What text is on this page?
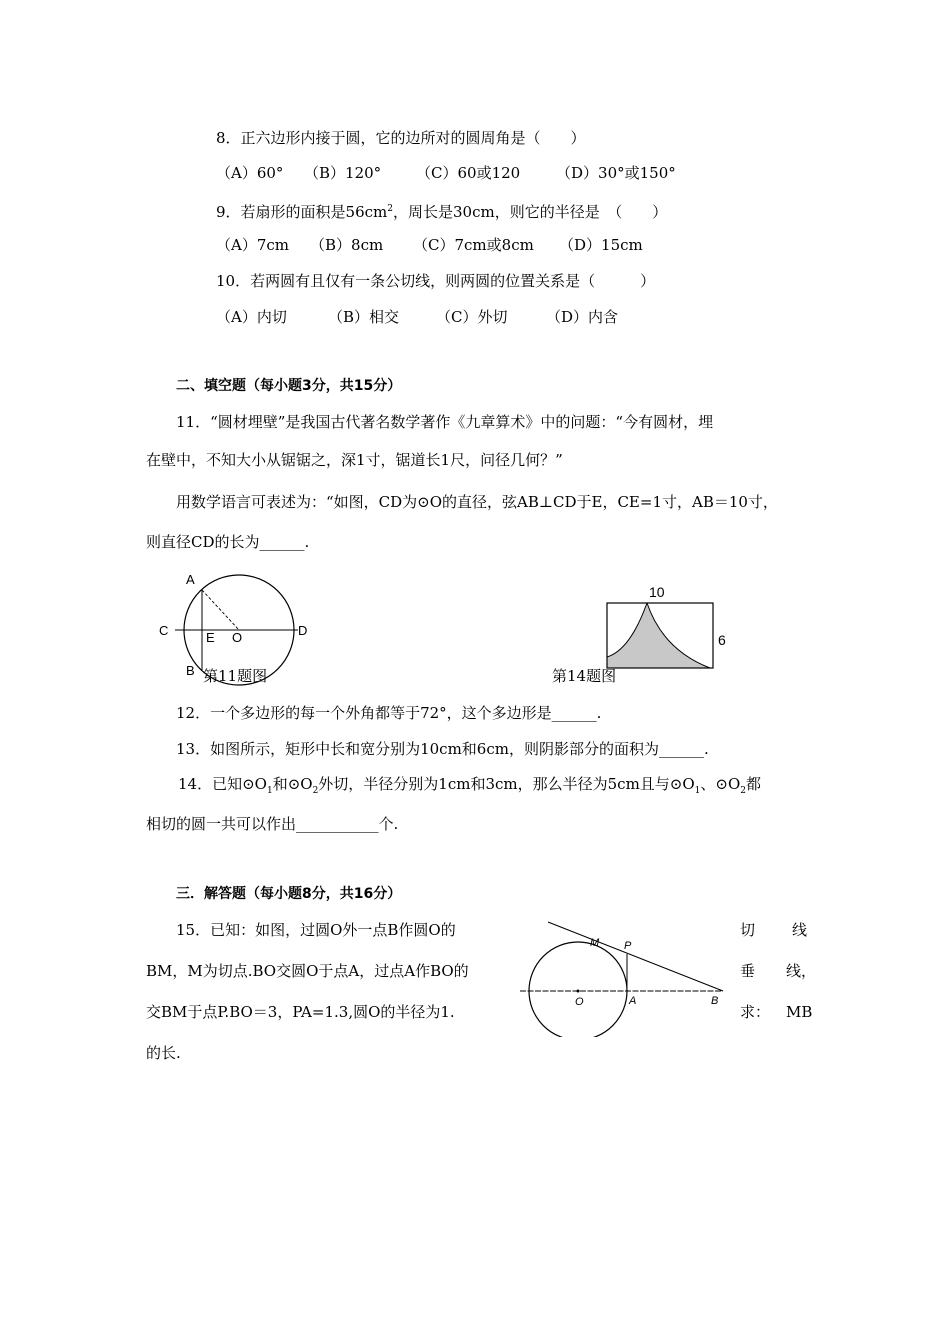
8．正六边形内接于圆，它的边所对的圆周角是（　　）
（A）60° （B）120° （C）60或120 （D）30°或150°
9．若扇形的面积是$56cm^2$，周长是30cm，则它的半径是　（　　）
（A）7cm （B）8cm （C）7cm或8cm （D）15cm
10．若两圆有且仅有一条公切线，则两圆的位置关系是（　　　）
（A）内切	（B）相交 （C）外切	（D）内含
二、填空题（每小题3分，共15分）
11．“圆材埋壁”是我国古代著名数学著作《九章算术》中的问题：“今有圆材，埋
在壁中，不知大小从锯锯之，深1寸，锯道长1尺，问径几何？”
用数学语言可表述为：“如图，CD为⊙O的直径，弦AB⊥CD于E，CE=1寸，AB＝10寸，
则直径CD的长为______.
A
C	E O	D
B 第11题图
10
6
第14题图
12．一个多边形的每一个外角都等于72°，这个多边形是______.
13．如图所示，矩形中长和宽分别为10cm和6cm，则阴影部分的面积为______.
14．已知$⊙O_1$和$⊙O_2$外切，半径分别为1cm和3cm，那么半径为5cm且与$⊙O_1$、$⊙O_2$都
相切的圆一共可以作出___________个.
三．解答题（每小题8分，共16分）
15．已知：如图，过圆O外一点B作圆O的
BM，M为切点.BO交圆O于点A，过点A作BO的
交BM于点P.BO＝3，PA=1.3,圆O的半径为1.
的长.
切 线
垂 线，
求： MB
M P
O	A	B
